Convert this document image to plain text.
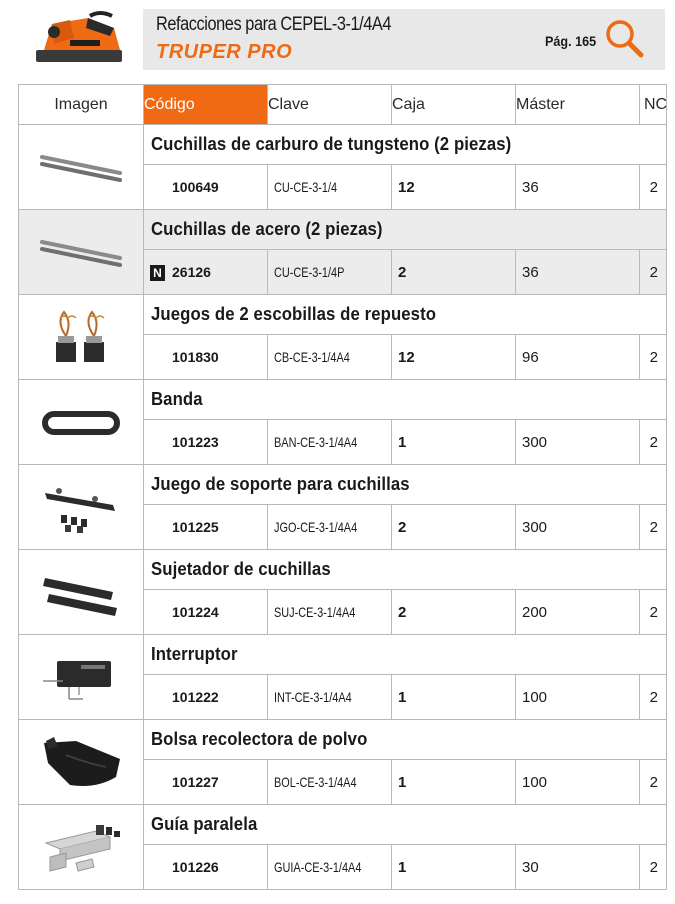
Refacciones para CEPEL-3-1/4A4
TRUPER PRO	Pág. 165
Imagen	Código	Clave	Caja	Máster	NC

	Cuchillas de carburo de tungsteno (2 piezas)				
	100649	CU-CE-3-1/4	12	36	2

	Cuchillas de acero (2 piezas)				
	N 26126	CU-CE-3-1/4P	2	36	2

	Juegos de 2 escobillas de repuesto				
	101830	CB-CE-3-1/4A4	12	96	2

	Banda				
	101223	BAN-CE-3-1/4A4	1	300	2

	Juego de soporte para cuchillas				
	101225	JGO-CE-3-1/4A4	2	300	2

	Sujetador de cuchillas				
	101224	SUJ-CE-3-1/4A4	2	200	2

	Interruptor				
	101222	INT-CE-3-1/4A4	1	100	2

	Bolsa recolectora de polvo				
	101227	BOL-CE-3-1/4A4	1	100	2

	Guía paralela				
	101226	GUIA-CE-3-1/4A4	1	30	2
